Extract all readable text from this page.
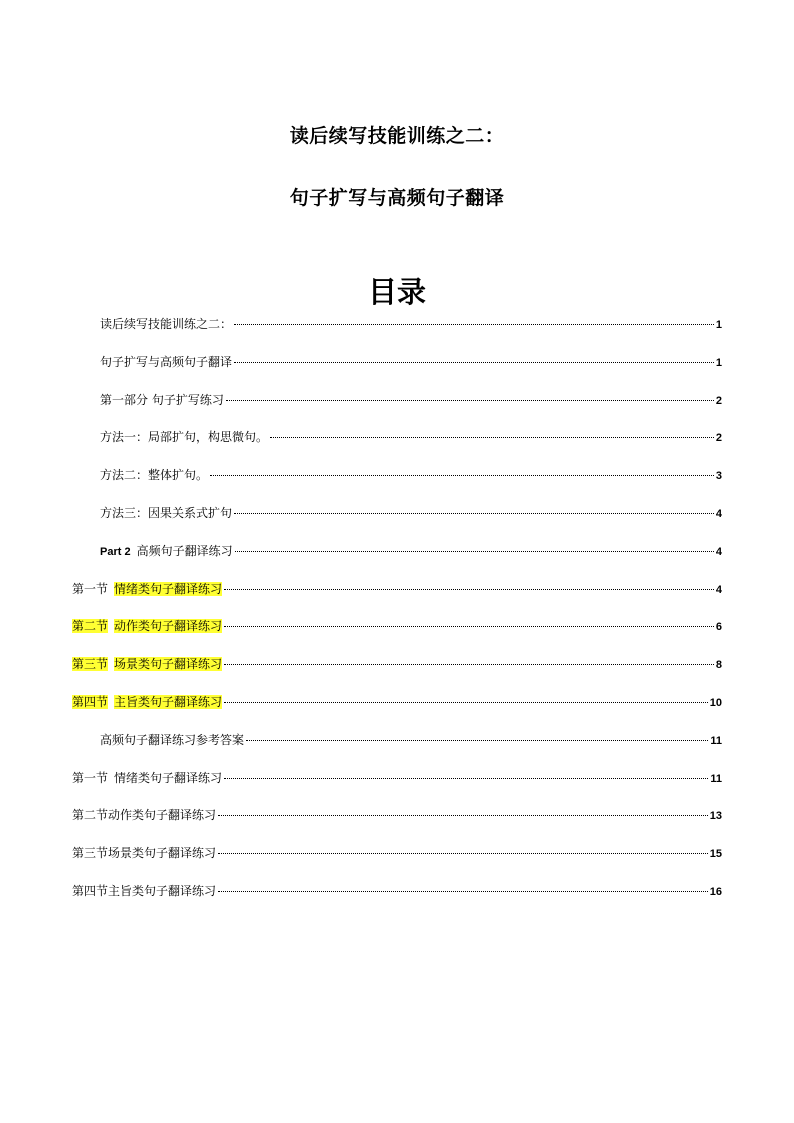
读后续写技能训练之二：
句子扩写与高频句子翻译
目录
读后续写技能训练之二：	1
句子扩写与高频句子翻译	1
第一部分 句子扩写练习	2
方法一：局部扩句，构思微句。	2
方法二：整体扩句。	3
方法三：因果关系式扩句	4
Part 2 高频句子翻译练习	4
第一节 情绪类句子翻译练习	4
第二节 动作类句子翻译练习	6
第三节 场景类句子翻译练习	8
第四节 主旨类句子翻译练习	10
高频句子翻译练习参考答案	11
第一节 情绪类句子翻译练习	11
第二节动作类句子翻译练习	13
第三节场景类句子翻译练习	15
第四节主旨类句子翻译练习	16
